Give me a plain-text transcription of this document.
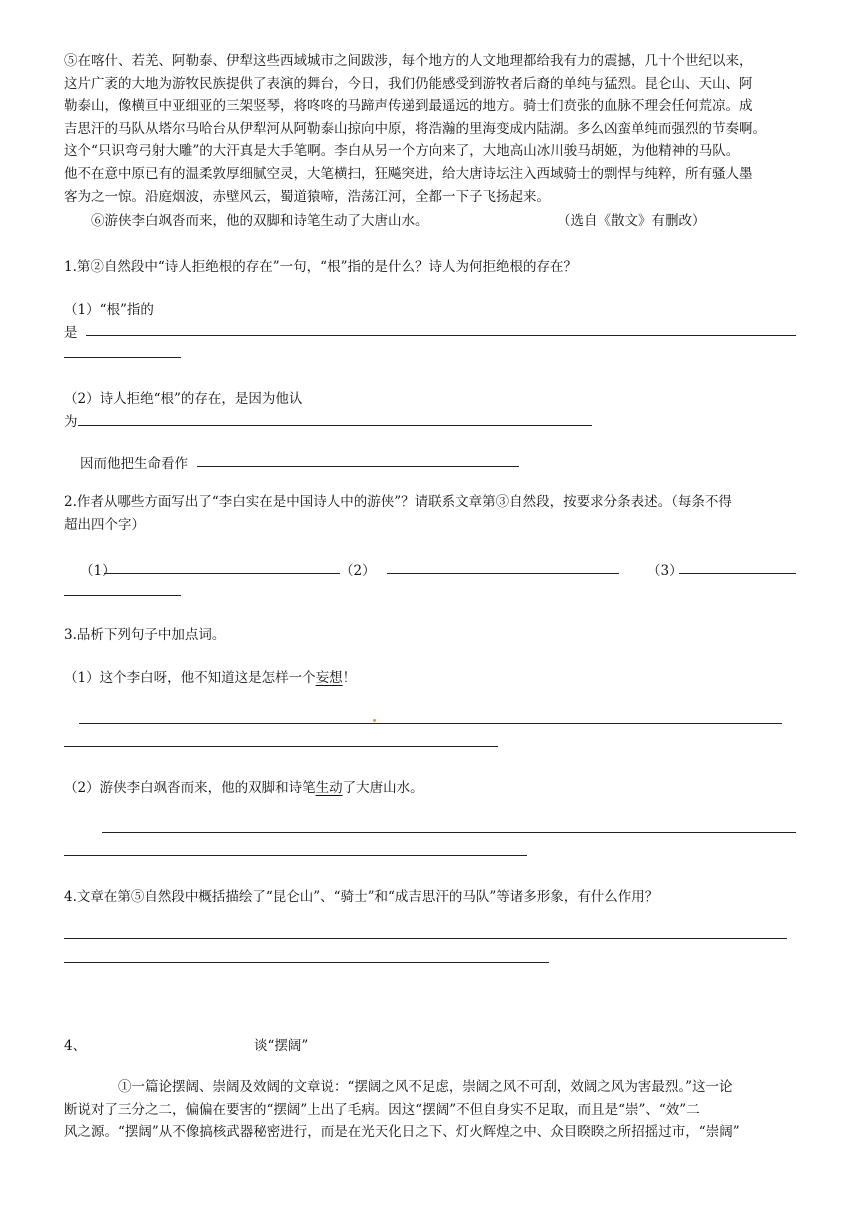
⑤在喀什、若羌、阿勒泰、伊犁这些西域城市之间跋涉，每个地方的人文地理都给我有力的震撼，几十个世纪以来，

这片广袤的大地为游牧民族提供了表演的舞台，今日，我们仍能感受到游牧者后裔的单纯与猛烈。昆仑山、天山、阿

勒泰山，像横亘中亚细亚的三架竖琴，将咚咚的马蹄声传递到最遥远的地方。骑士们贲张的血脉不理会任何荒凉。成

吉思汗的马队从塔尔马哈台从伊犁河从阿勒泰山掠向中原，将浩瀚的里海变成内陆湖。多么凶蛮单纯而强烈的节奏啊。

这个“只识弯弓射大雕”的大汗真是大手笔啊。李白从另一个方向来了，大地高山冰川骏马胡姬，为他精神的马队。

他不在意中原已有的温柔敦厚细腻空灵，大笔横扫，狂飚突进，给大唐诗坛注入西域骑士的剽悍与纯粹，所有骚人墨

客为之一惊。沿庭烟波，赤壁风云，蜀道猿啼，浩荡江河，全都一下子飞扬起来。

⑥游侠李白飒沓而来，他的双脚和诗笔生动了大唐山水。	（选自《散文》有删改）
1.第②自然段中“诗人拒绝根的存在”一句，“根”指的是什么？诗人为何拒绝根的存在？
（1）“根”指的
是
（2）诗人拒绝“根”的存在，是因为他认
为
因而他把生命看作
2.作者从哪些方面写出了“李白实在是中国诗人中的游侠”？请联系文章第③自然段，按要求分条表述。（每条不得
超出四个字）
（1）	（2）	（3）
3.品析下列句子中加点词。
（1）这个李白呀，他不知道这是怎样一个妄想！
（2）游侠李白飒沓而来，他的双脚和诗笔生动了大唐山水。
4.文章在第⑤自然段中概括描绘了“昆仑山”、“骑士”和“成吉思汗的马队”等诸多形象，有什么作用？
4、	谈“摆阔”

①一篇论摆阔、崇阔及效阔的文章说：“摆阔之风不足虑，崇阔之风不可刮，效阔之风为害最烈。”这一论

断说对了三分之二，偏偏在要害的“摆阔”上出了毛病。因这“摆阔”不但自身实不足取，而且是“崇”、“效”二

风之源。“摆阔”从不像搞核武器秘密进行，而是在光天化日之下、灯火辉煌之中、众目睽睽之所招摇过市，“崇阔”
